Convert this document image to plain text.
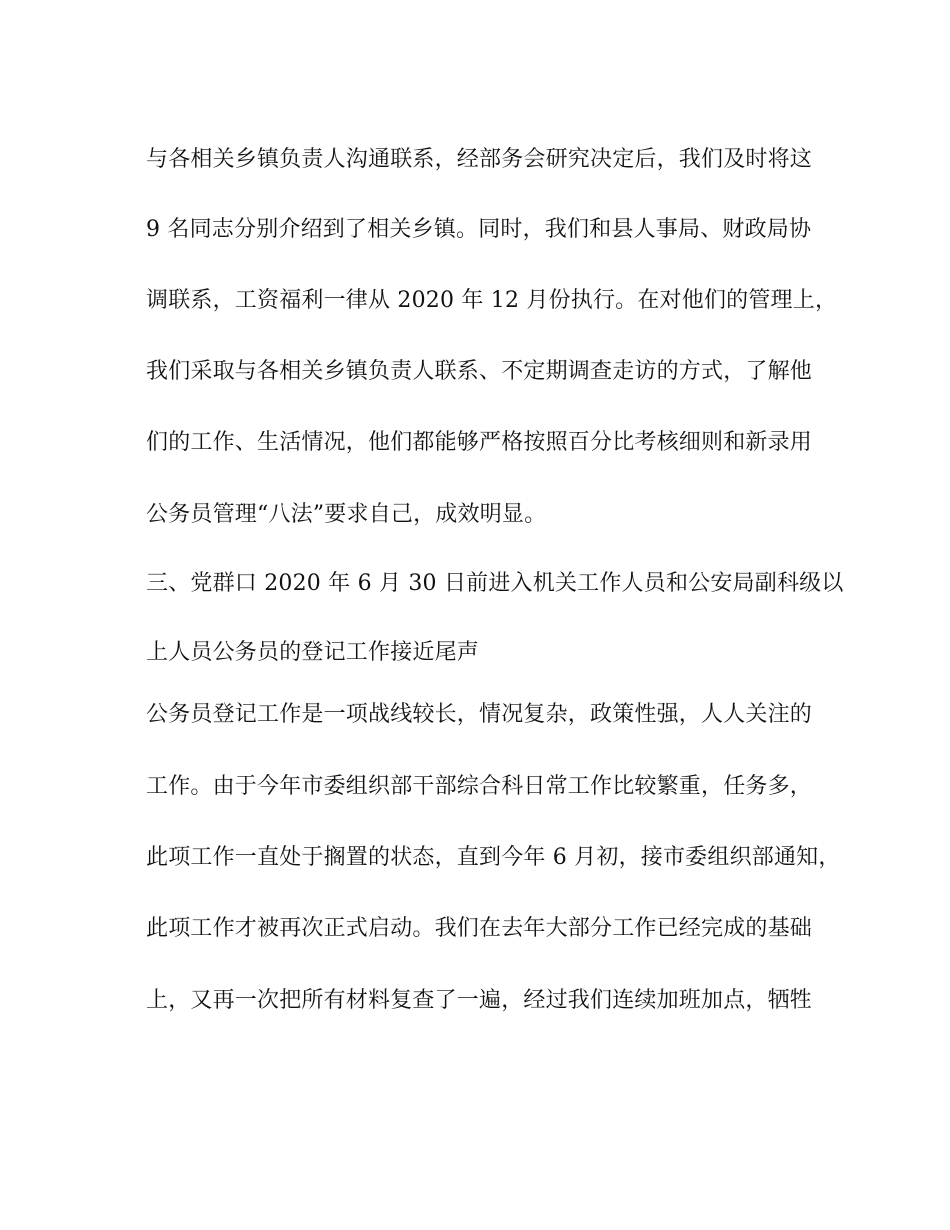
与各相关乡镇负责人沟通联系，经部务会研究决定后，我们及时将这
9 名同志分别介绍到了相关乡镇。同时，我们和县人事局、财政局协
调联系，工资福利一律从 2020 年 12 月份执行。在对他们的管理上，
我们采取与各相关乡镇负责人联系、不定期调查走访的方式，了解他
们的工作、生活情况，他们都能够严格按照百分比考核细则和新录用
公务员管理“八法”要求自己，成效明显。
三、党群口 2020 年 6 月 30 日前进入机关工作人员和公安局副科级以
上人员公务员的登记工作接近尾声
公务员登记工作是一项战线较长，情况复杂，政策性强，人人关注的
工作。由于今年市委组织部干部综合科日常工作比较繁重，任务多，
此项工作一直处于搁置的状态，直到今年 6 月初，接市委组织部通知，
此项工作才被再次正式启动。我们在去年大部分工作已经完成的基础
上，又再一次把所有材料复查了一遍，经过我们连续加班加点，牺牲
